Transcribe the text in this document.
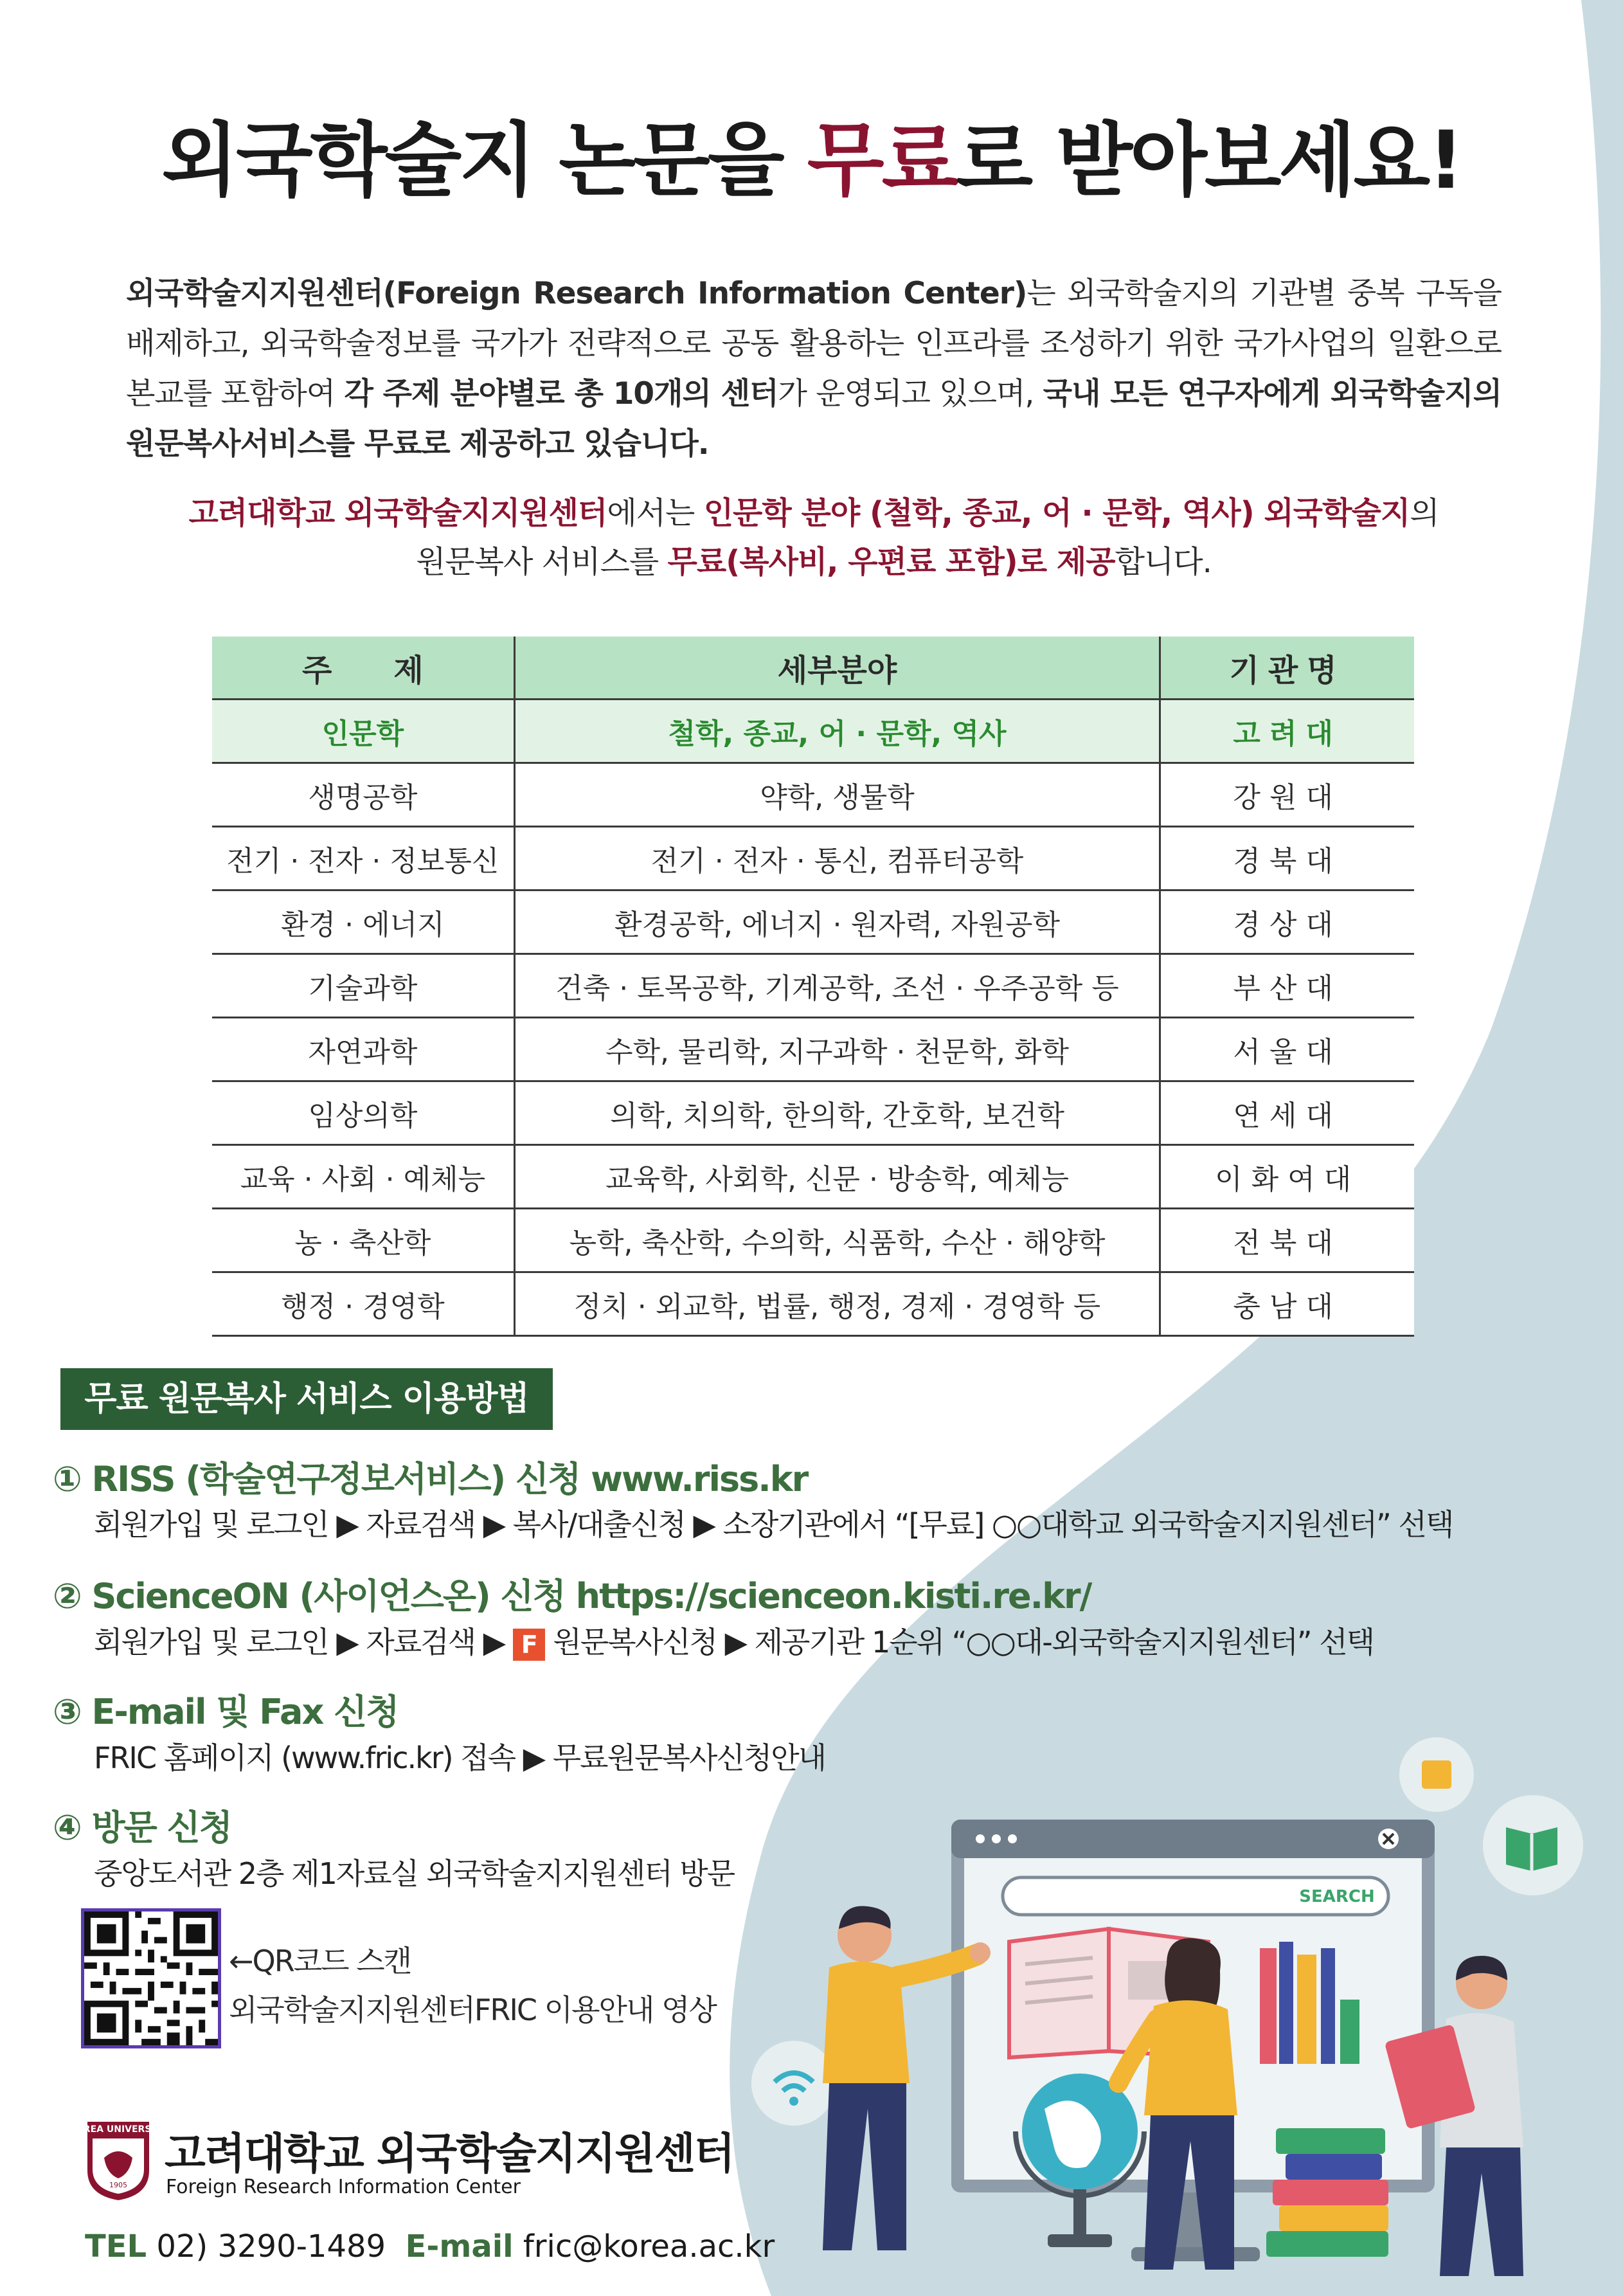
외국학술지 논문을 무료로 받아보세요!
외국학술지지원센터(Foreign Research Information Center)는 외국학술지의 기관별 중복 구독을 배제하고, 외국학술정보를 국가가 전략적으로 공동 활용하는 인프라를 조성하기 위한 국가사업의 일환으로 본교를 포함하여 각 주제 분야별로 총 10개의 센터가 운영되고 있으며, 국내 모든 연구자에게 외국학술지의 원문복사서비스를 무료로 제공하고 있습니다.
고려대학교 외국학술지지원센터에서는 인문학 분야 (철학, 종교, 어 · 문학, 역사) 외국학술지의
원문복사 서비스를 무료(복사비, 우편료 포함)로 제공합니다.
주　　제	세부분야	기관명
인문학	철학, 종교, 어 · 문학, 역사	고려대
생명공학	약학, 생물학	강원대
전기 · 전자 · 정보통신	전기 · 전자 · 통신, 컴퓨터공학	경북대
환경 · 에너지	환경공학, 에너지 · 원자력, 자원공학	경상대
기술과학	건축 · 토목공학, 기계공학, 조선 · 우주공학 등	부산대
자연과학	수학, 물리학, 지구과학 · 천문학, 화학	서울대
임상의학	의학, 치의학, 한의학, 간호학, 보건학	연세대
교육 · 사회 · 예체능	교육학, 사회학, 신문 · 방송학, 예체능	이화여대
농 · 축산학	농학, 축산학, 수의학, 식품학, 수산 · 해양학	전북대
행정 · 경영학	정치 · 외교학, 법률, 행정, 경제 · 경영학 등	충남대
무료 원문복사 서비스 이용방법
① RISS (학술연구정보서비스) 신청 www.riss.kr
회원가입 및 로그인 ▶ 자료검색 ▶ 복사/대출신청 ▶ 소장기관에서 “[무료] ○○대학교 외국학술지지원센터” 선택
② ScienceON (사이언스온) 신청 https://scienceon.kisti.re.kr/
회원가입 및 로그인 ▶ 자료검색 ▶ F 원문복사신청 ▶ 제공기관 1순위 “○○대-외국학술지지원센터” 선택
③ E-mail 및 Fax 신청
FRIC 홈페이지 (www.fric.kr) 접속 ▶ 무료원문복사신청안내
④ 방문 신청
중앙도서관 2층 제1자료실 외국학술지지원센터 방문
←QR코드 스캔
외국학술지지원센터FRIC 이용안내 영상
SEARCH
KOREA UNIVERSITY
1905
고려대학교 외국학술지지원센터
Foreign Research Information Center
TEL 02) 3290-1489 E-mail fric@korea.ac.kr
